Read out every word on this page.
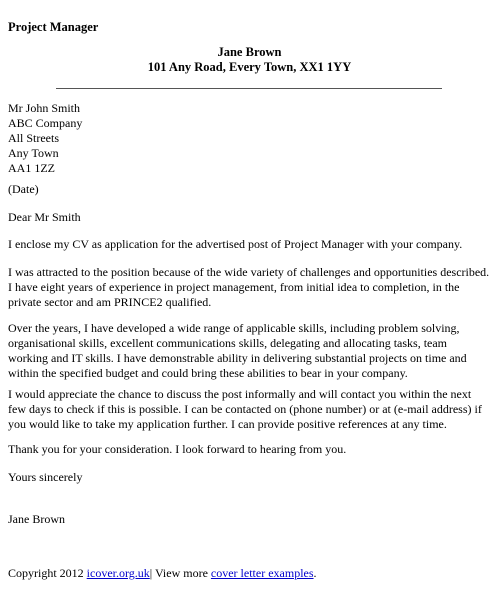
Project Manager
Jane Brown
101 Any Road, Every Town, XX1 1YY
Mr John Smith
ABC Company
All Streets
Any Town
AA1 1ZZ
(Date)
Dear Mr Smith
I enclose my CV as application for the advertised post of Project Manager with your company.
I was attracted to the position because of the wide variety of challenges and opportunities described.
I have eight years of experience in project management, from initial idea to completion, in the
private sector and am PRINCE2 qualified.
Over the years, I have developed a wide range of applicable skills, including problem solving,
organisational skills, excellent communications skills, delegating and allocating tasks, team
working and IT skills. I have demonstrable ability in delivering substantial projects on time and
within the specified budget and could bring these abilities to bear in your company.
I would appreciate the chance to discuss the post informally and will contact you within the next
few days to check if this is possible. I can be contacted on (phone number) or at (e-mail address) if
you would like to take my application further. I can provide positive references at any time.
Thank you for your consideration. I look forward to hearing from you.
Yours sincerely
Jane Brown
Copyright 2012 icover.org.uk| View more cover letter examples.
